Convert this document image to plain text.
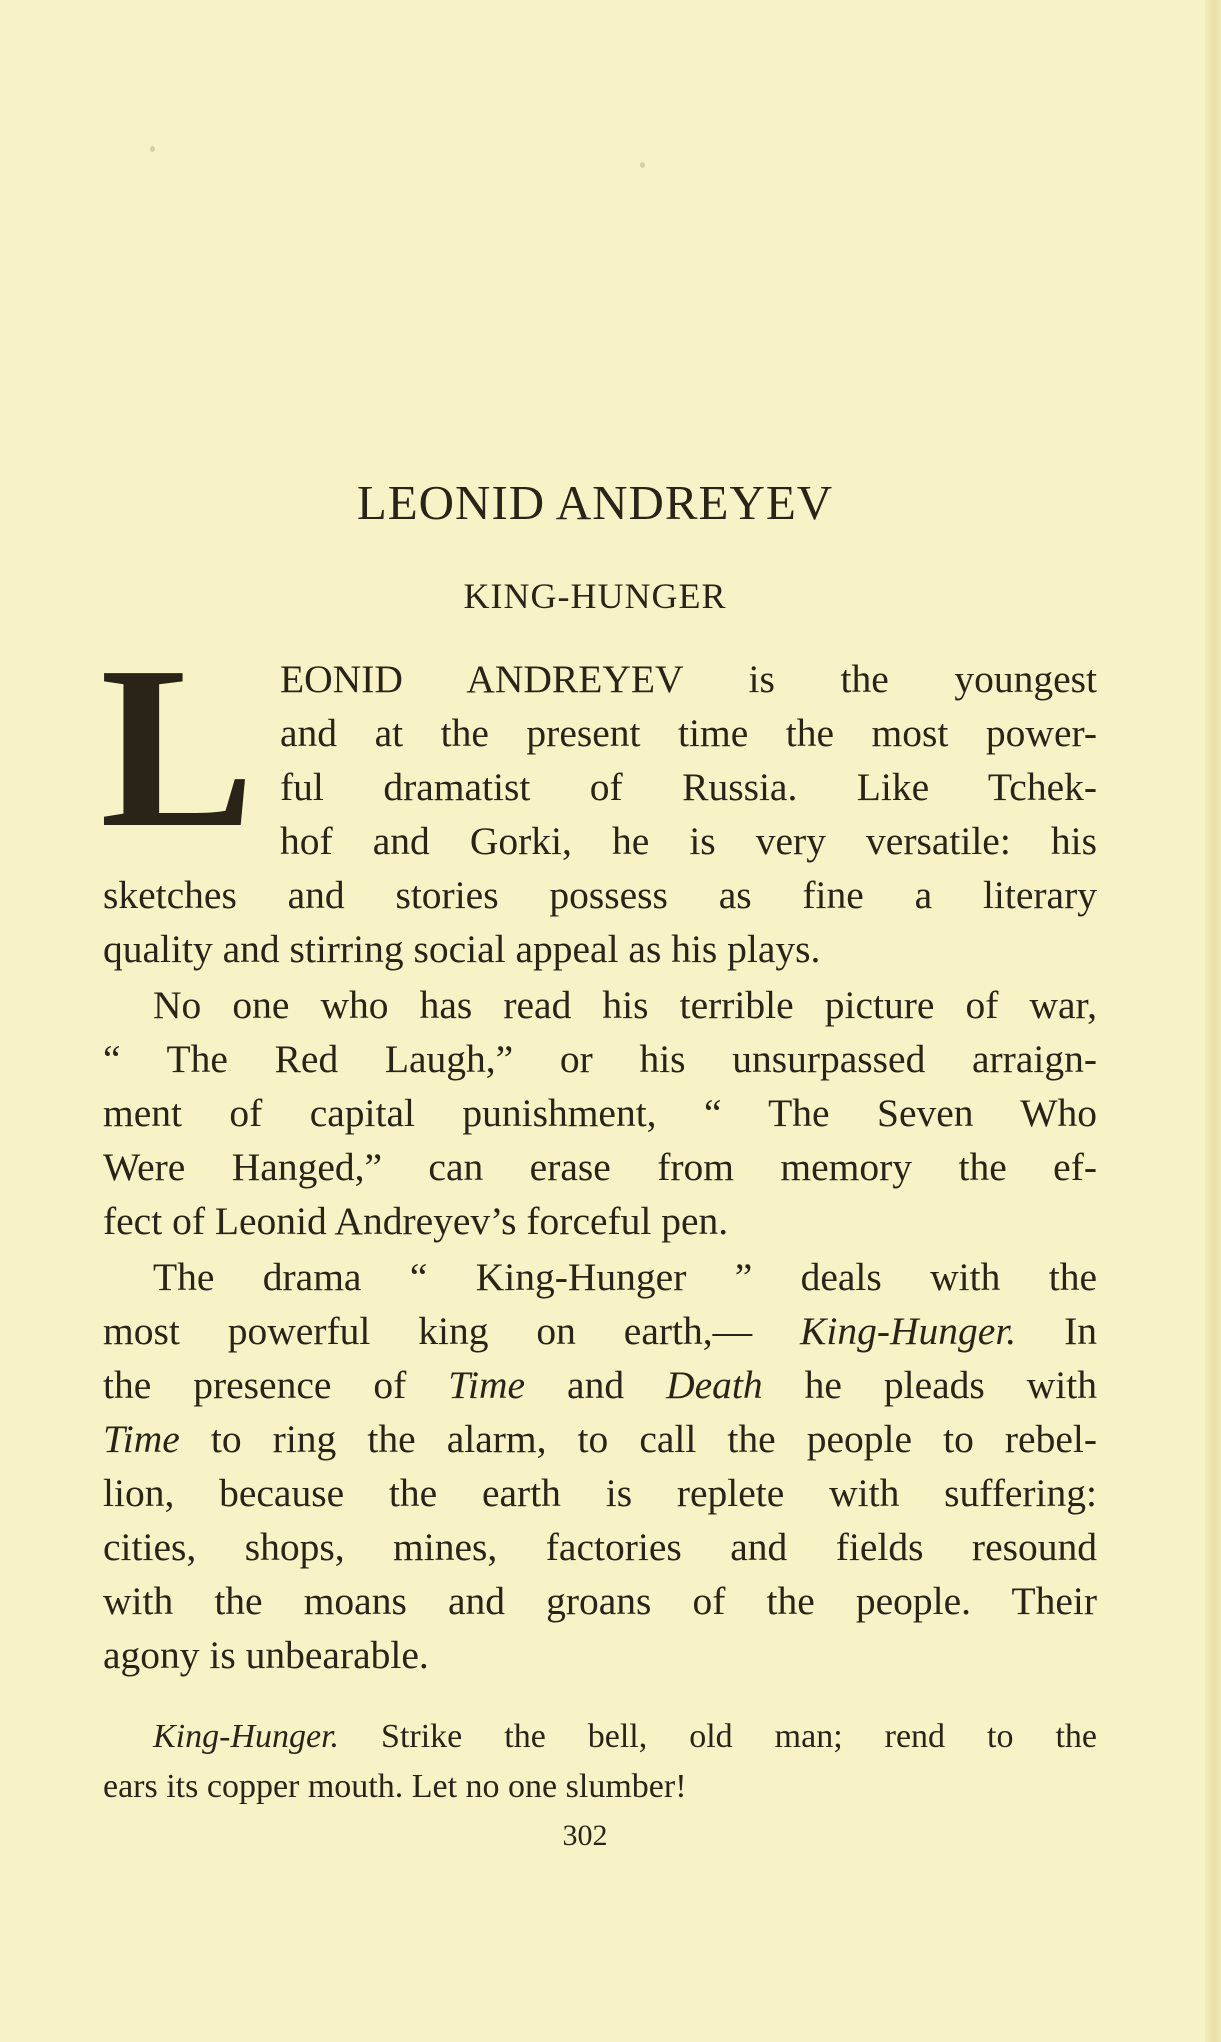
LEONID ANDREYEV
KING-HUNGER
L EONID ANDREYEV is the youngest
and at the present time the most power-
ful dramatist of Russia. Like Tchek-
hof and Gorki, he is very versatile: his
sketches and stories possess as fine a literary
quality and stirring social appeal as his plays.
No one who has read his terrible picture of war,
“ The Red Laugh,” or his unsurpassed arraign-
ment of capital punishment, “ The Seven Who
Were Hanged,” can erase from memory the ef-
fect of Leonid Andreyev’s forceful pen.
The drama “ King-Hunger ” deals with the
most powerful king on earth,— King-Hunger. In
the presence of Time and Death he pleads with
Time to ring the alarm, to call the people to rebel-
lion, because the earth is replete with suffering:
cities, shops, mines, factories and fields resound
with the moans and groans of the people. Their
agony is unbearable.
King-Hunger. Strike the bell, old man; rend to the
ears its copper mouth. Let no one slumber!
302
